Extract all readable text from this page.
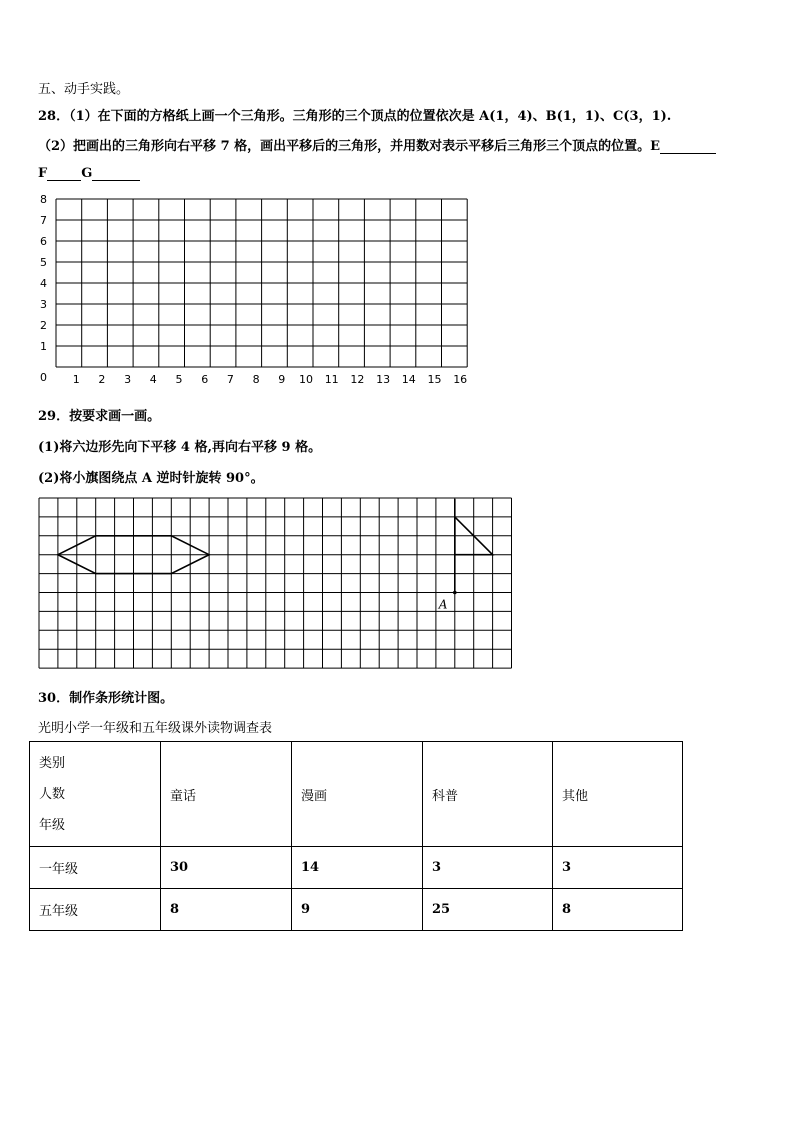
五、动手实践。
28．（1）在下面的方格纸上画一个三角形。三角形的三个顶点的位置依次是 A(1，4)、B(1，1)、C(3，1).
（2）把画出的三角形向右平移 7 格，画出平移后的三角形，并用数对表示平移后三角形三个顶点的位置。E
F	G
0
1
2
3
4
5
6
7
8
1 2 3 4 5 6 7 8 9 10 11 12 13 14 15 16
29．按要求画一画。
(1)将六边形先向下平移 4 格,再向右平移 9 格。
(2)将小旗图绕点 A 逆时针旋转 90°。
A
30．制作条形统计图。
光明小学一年级和五年级课外读物调查表
类别
人数
年级	童话	漫画	科普	其他
一年级	30	14	3	3
五年级	8	9	25	8
